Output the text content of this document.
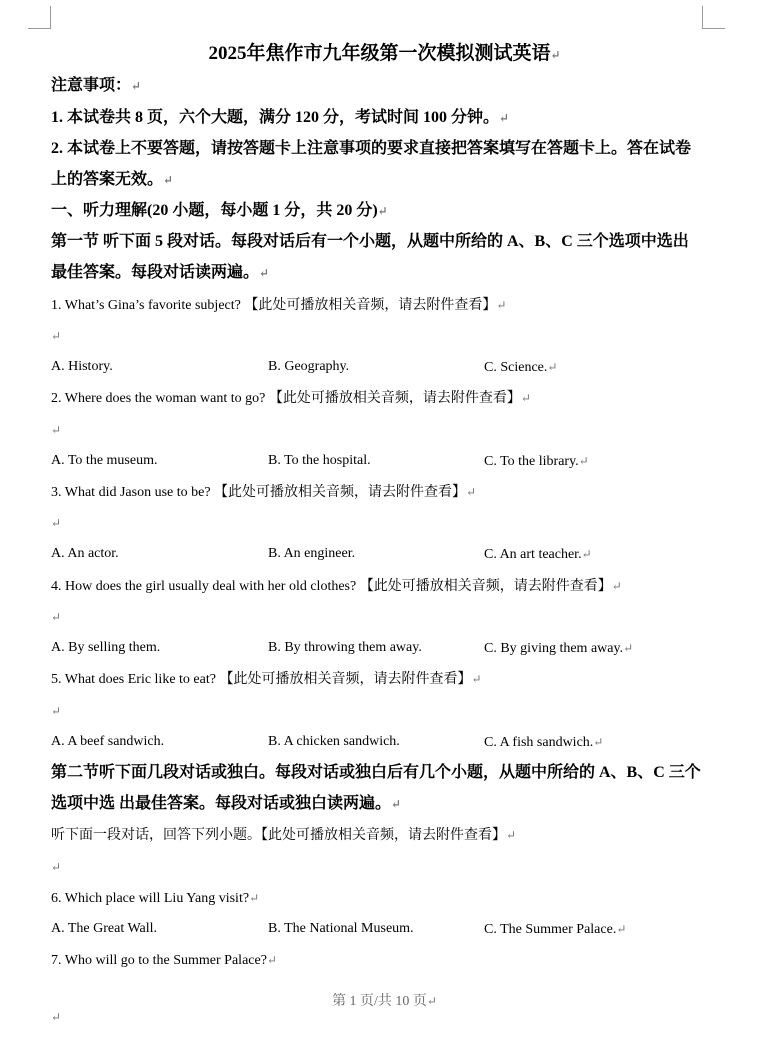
2025年焦作市九年级第一次模拟测试英语↵
注意事项：↵
1. 本试卷共 8 页，六个大题，满分 120 分，考试时间 100 分钟。↵
2. 本试卷上不要答题，请按答题卡上注意事项的要求直接把答案填写在答题卡上。答在试卷
上的答案无效。↵
一、听力理解(20 小题，每小题 1 分，共 20 分)↵
第一节 听下面 5 段对话。每段对话后有一个小题，从题中所给的 A、B、C 三个选项中选出
最佳答案。每段对话读两遍。↵
1. What’s Gina’s favorite subject? 【此处可播放相关音频，请去附件查看】↵
↵
A. History.	B. Geography.	C. Science.↵
2. Where does the woman want to go? 【此处可播放相关音频，请去附件查看】↵
↵
A. To the museum.	B. To the hospital.	C. To the library.↵
3. What did Jason use to be? 【此处可播放相关音频，请去附件查看】↵
↵
A. An actor.	B. An engineer.	C. An art teacher.↵
4. How does the girl usually deal with her old clothes? 【此处可播放相关音频，请去附件查看】↵
↵
A. By selling them.	B. By throwing them away.	C. By giving them away.↵
5. What does Eric like to eat? 【此处可播放相关音频，请去附件查看】↵
↵
A. A beef sandwich.	B. A chicken sandwich.	C. A fish sandwich.↵
第二节听下面几段对话或独白。每段对话或独白后有几个小题，从题中所给的 A、B、C 三个
选项中选 出最佳答案。每段对话或独白读两遍。↵
听下面一段对话，回答下列小题。【此处可播放相关音频，请去附件查看】↵
↵
6. Which place will Liu Yang visit?↵
A. The Great Wall.	B. The National Museum.	C. The Summer Palace.↵
7. Who will go to the Summer Palace?↵
第 1 页/共 10 页↵
↵
